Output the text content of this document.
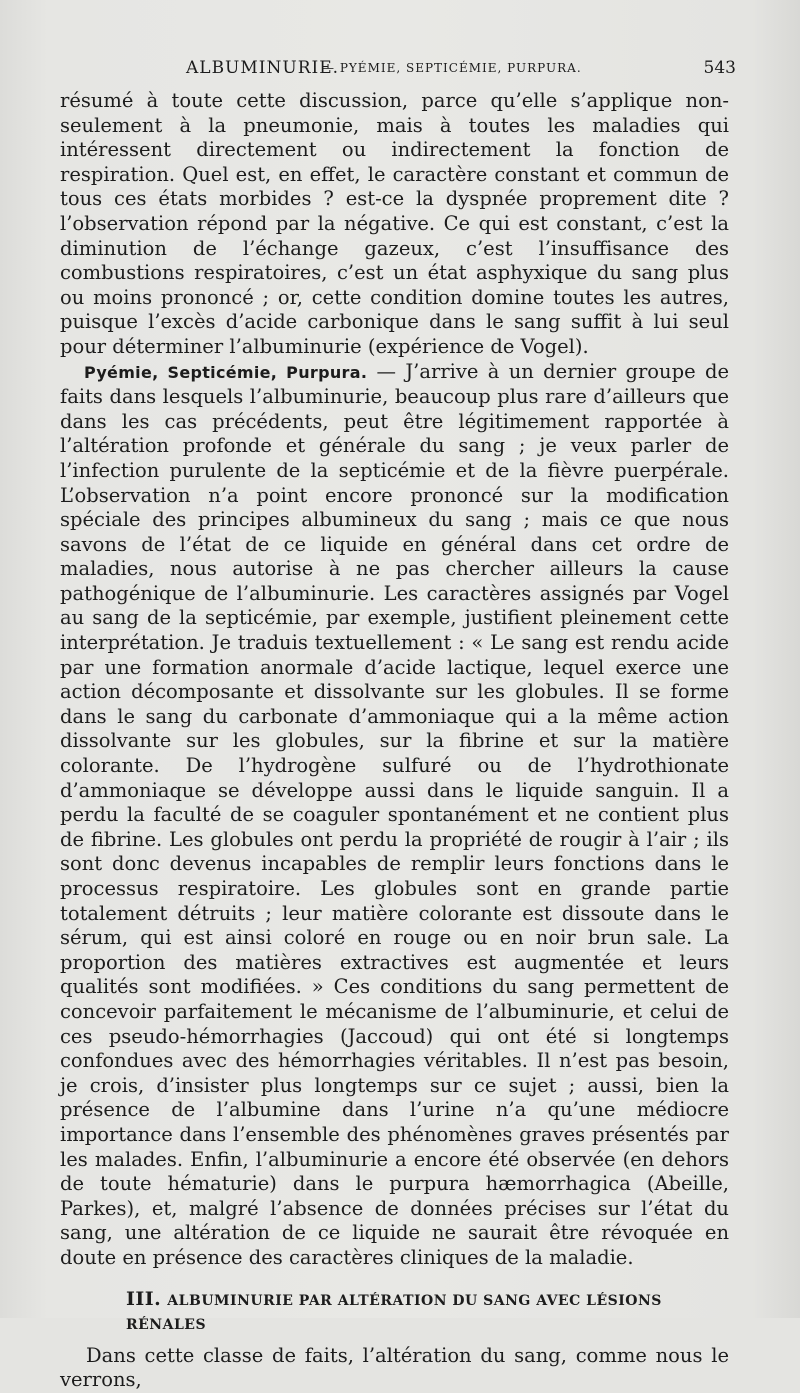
ALBUMINURIE.
— PYÉMIE, SEPTICÉMIE, PURPURA.	543

résumé à toute cette discussion, parce qu’elle s’applique non-seulement à la pneumonie, mais à toutes les maladies qui intéressent directement ou indirectement la fonction de respiration. Quel est, en effet, le caractère constant et commun de tous ces états morbides ? est-ce la dyspnée proprement dite ? l’observation répond par la négative. Ce qui est constant, c’est la diminution de l’échange gazeux, c’est l’insuffisance des combustions respiratoires, c’est un état asphyxique du sang plus ou moins prononcé ; or, cette condition domine toutes les autres, puisque l’excès d’acide carbonique dans le sang suffit à lui seul pour déterminer l’albuminurie (expérience de Vogel).

Pyémie, Septicémie, Purpura. — J’arrive à un dernier groupe de faits dans lesquels l’albuminurie, beaucoup plus rare d’ailleurs que dans les cas précédents, peut être légitimement rapportée à l’altération profonde et générale du sang ; je veux parler de l’infection purulente de la septicémie et de la fièvre puerpérale. L’observation n’a point encore prononcé sur la modification spéciale des principes albumineux du sang ; mais ce que nous savons de l’état de ce liquide en général dans cet ordre de maladies, nous autorise à ne pas chercher ailleurs la cause pathogénique de l’albuminurie. Les caractères assignés par Vogel au sang de la septicémie, par exemple, justifient pleinement cette interprétation. Je traduis textuellement : « Le sang est rendu acide par une formation anormale d’acide lactique, lequel exerce une action décomposante et dissolvante sur les globules. Il se forme dans le sang du carbonate d’ammoniaque qui a la même action dissolvante sur les globules, sur la fibrine et sur la matière colorante. De l’hydrogène sulfuré ou de l’hydrothionate d’ammoniaque se développe aussi dans le liquide sanguin. Il a perdu la faculté de se coaguler spontanément et ne contient plus de fibrine. Les globules ont perdu la propriété de rougir à l’air ; ils sont donc devenus incapables de remplir leurs fonctions dans le processus respiratoire. Les globules sont en grande partie totalement détruits ; leur matière colorante est dissoute dans le sérum, qui est ainsi coloré en rouge ou en noir brun sale. La proportion des matières extractives est augmentée et leurs qualités sont modifiées. » Ces conditions du sang permettent de concevoir parfaitement le mécanisme de l’albuminurie, et celui de ces pseudo-hémorrhagies (Jaccoud) qui ont été si longtemps confondues avec des hémorrhagies véritables. Il n’est pas besoin, je crois, d’insister plus longtemps sur ce sujet ; aussi, bien la présence de l’albumine dans l’urine n’a qu’une médiocre importance dans l’ensemble des phénomènes graves présentés par les malades. Enfin, l’albuminurie a encore été observée (en dehors de toute hématurie) dans le purpura hæmorrhagica (Abeille, Parkes), et, malgré l’absence de données précises sur l’état du sang, une altération de ce liquide ne saurait être révoquée en doute en présence des caractères cliniques de la maladie.

III. ALBUMINURIE PAR ALTÉRATION DU SANG AVEC LÉSIONS RÉNALES

Dans cette classe de faits, l’altération du sang, comme nous le verrons,
